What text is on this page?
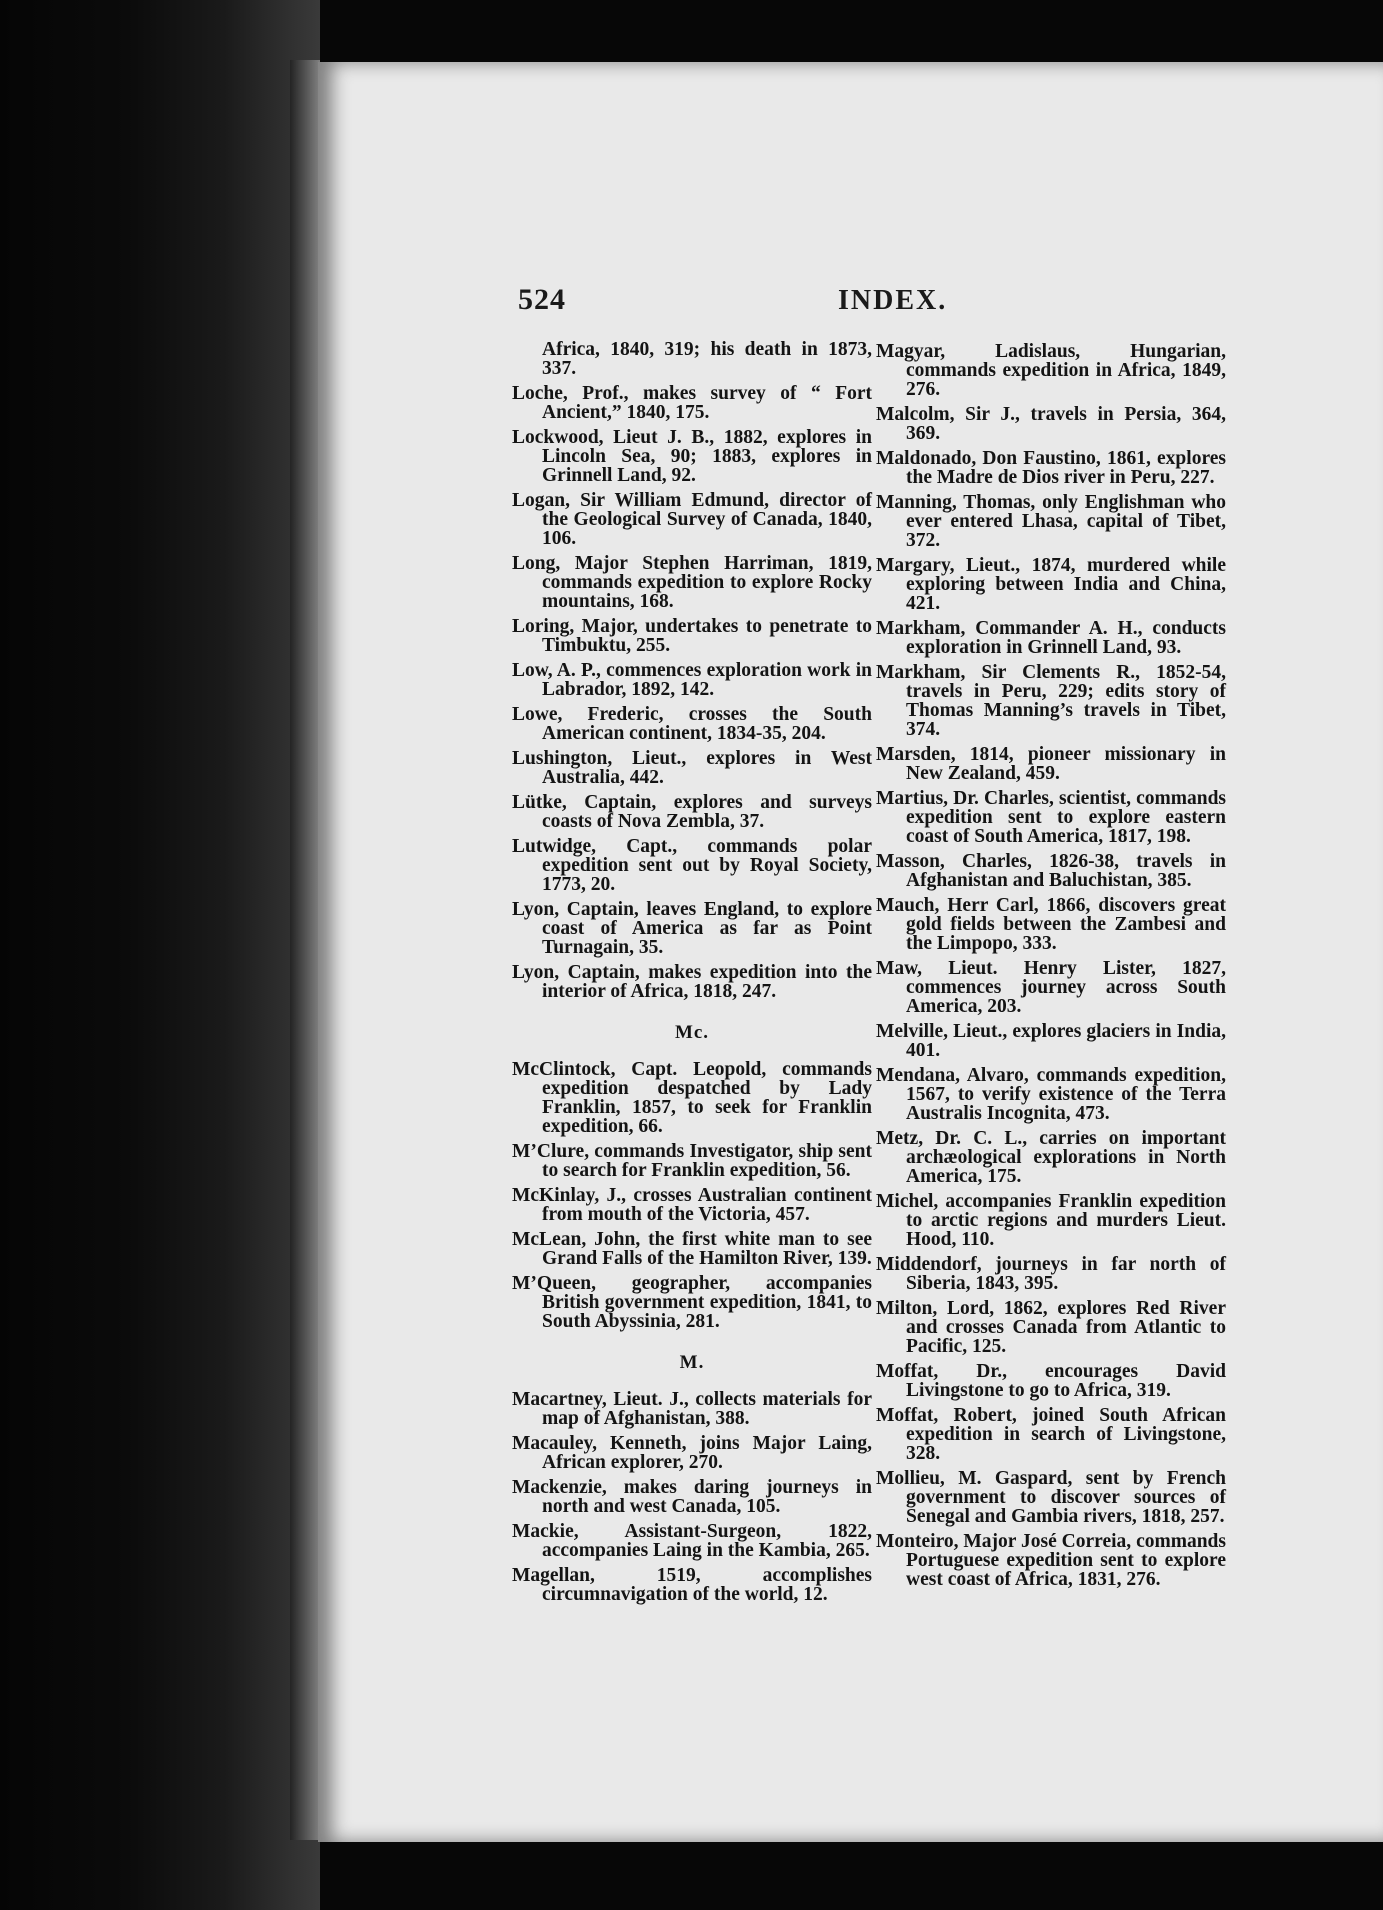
524	INDEX.

Africa, 1840, 319; his death in 1873, 337.

Loche, Prof., makes survey of “ Fort Ancient,” 1840, 175.

Lockwood, Lieut J. B., 1882, explores in Lincoln Sea, 90; 1883, explores in Grinnell Land, 92.

Logan, Sir William Edmund, director of the Geological Survey of Canada, 1840, 106.

Long, Major Stephen Harriman, 1819, commands expedition to explore Rocky mountains, 168.

Loring, Major, undertakes to penetrate to Timbuktu, 255.

Low, A. P., commences exploration work in Labrador, 1892, 142.

Lowe, Frederic, crosses the South American continent, 1834-35, 204.

Lushington, Lieut., explores in West Australia, 442.

Lütke, Captain, explores and surveys coasts of Nova Zembla, 37.

Lutwidge, Capt., commands polar expedition sent out by Royal Society, 1773, 20.

Lyon, Captain, leaves England, to explore coast of America as far as Point Turnagain, 35.

Lyon, Captain, makes expedition into the interior of Africa, 1818, 247.

Mc.

McClintock, Capt. Leopold, commands expedition despatched by Lady Franklin, 1857, to seek for Franklin expedition, 66.

M’Clure, commands Investigator, ship sent to search for Franklin expedition, 56.

McKinlay, J., crosses Australian continent from mouth of the Victoria, 457.

McLean, John, the first white man to see Grand Falls of the Hamilton River, 139.

M’Queen, geographer, accompanies British government expedition, 1841, to South Abyssinia, 281.

M.

Macartney, Lieut. J., collects materials for map of Afghanistan, 388.

Macauley, Kenneth, joins Major Laing, African explorer, 270.

Mackenzie, makes daring journeys in north and west Canada, 105.

Mackie, Assistant-Surgeon, 1822, accompanies Laing in the Kambia, 265.

Magellan, 1519, accomplishes circumnavigation of the world, 12.

Magyar, Ladislaus, Hungarian, commands expedition in Africa, 1849, 276.

Malcolm, Sir J., travels in Persia, 364, 369.

Maldonado, Don Faustino, 1861, explores the Madre de Dios river in Peru, 227.

Manning, Thomas, only Englishman who ever entered Lhasa, capital of Tibet, 372.

Margary, Lieut., 1874, murdered while exploring between India and China, 421.

Markham, Commander A. H., conducts exploration in Grinnell Land, 93.

Markham, Sir Clements R., 1852-54, travels in Peru, 229; edits story of Thomas Manning’s travels in Tibet, 374.

Marsden, 1814, pioneer missionary in New Zealand, 459.

Martius, Dr. Charles, scientist, commands expedition sent to explore eastern coast of South America, 1817, 198.

Masson, Charles, 1826-38, travels in Afghanistan and Baluchistan, 385.

Mauch, Herr Carl, 1866, discovers great gold fields between the Zambesi and the Limpopo, 333.

Maw, Lieut. Henry Lister, 1827, commences journey across South America, 203.

Melville, Lieut., explores glaciers in India, 401.

Mendana, Alvaro, commands expedition, 1567, to verify existence of the Terra Australis Incognita, 473.

Metz, Dr. C. L., carries on important archæological explorations in North America, 175.

Michel, accompanies Franklin expedition to arctic regions and murders Lieut. Hood, 110.

Middendorf, journeys in far north of Siberia, 1843, 395.

Milton, Lord, 1862, explores Red River and crosses Canada from Atlantic to Pacific, 125.

Moffat, Dr., encourages David Livingstone to go to Africa, 319.

Moffat, Robert, joined South African expedition in search of Livingstone, 328.

Mollieu, M. Gaspard, sent by French government to discover sources of Senegal and Gambia rivers, 1818, 257.

Monteiro, Major José Correia, commands Portuguese expedition sent to explore west coast of Africa, 1831, 276.
